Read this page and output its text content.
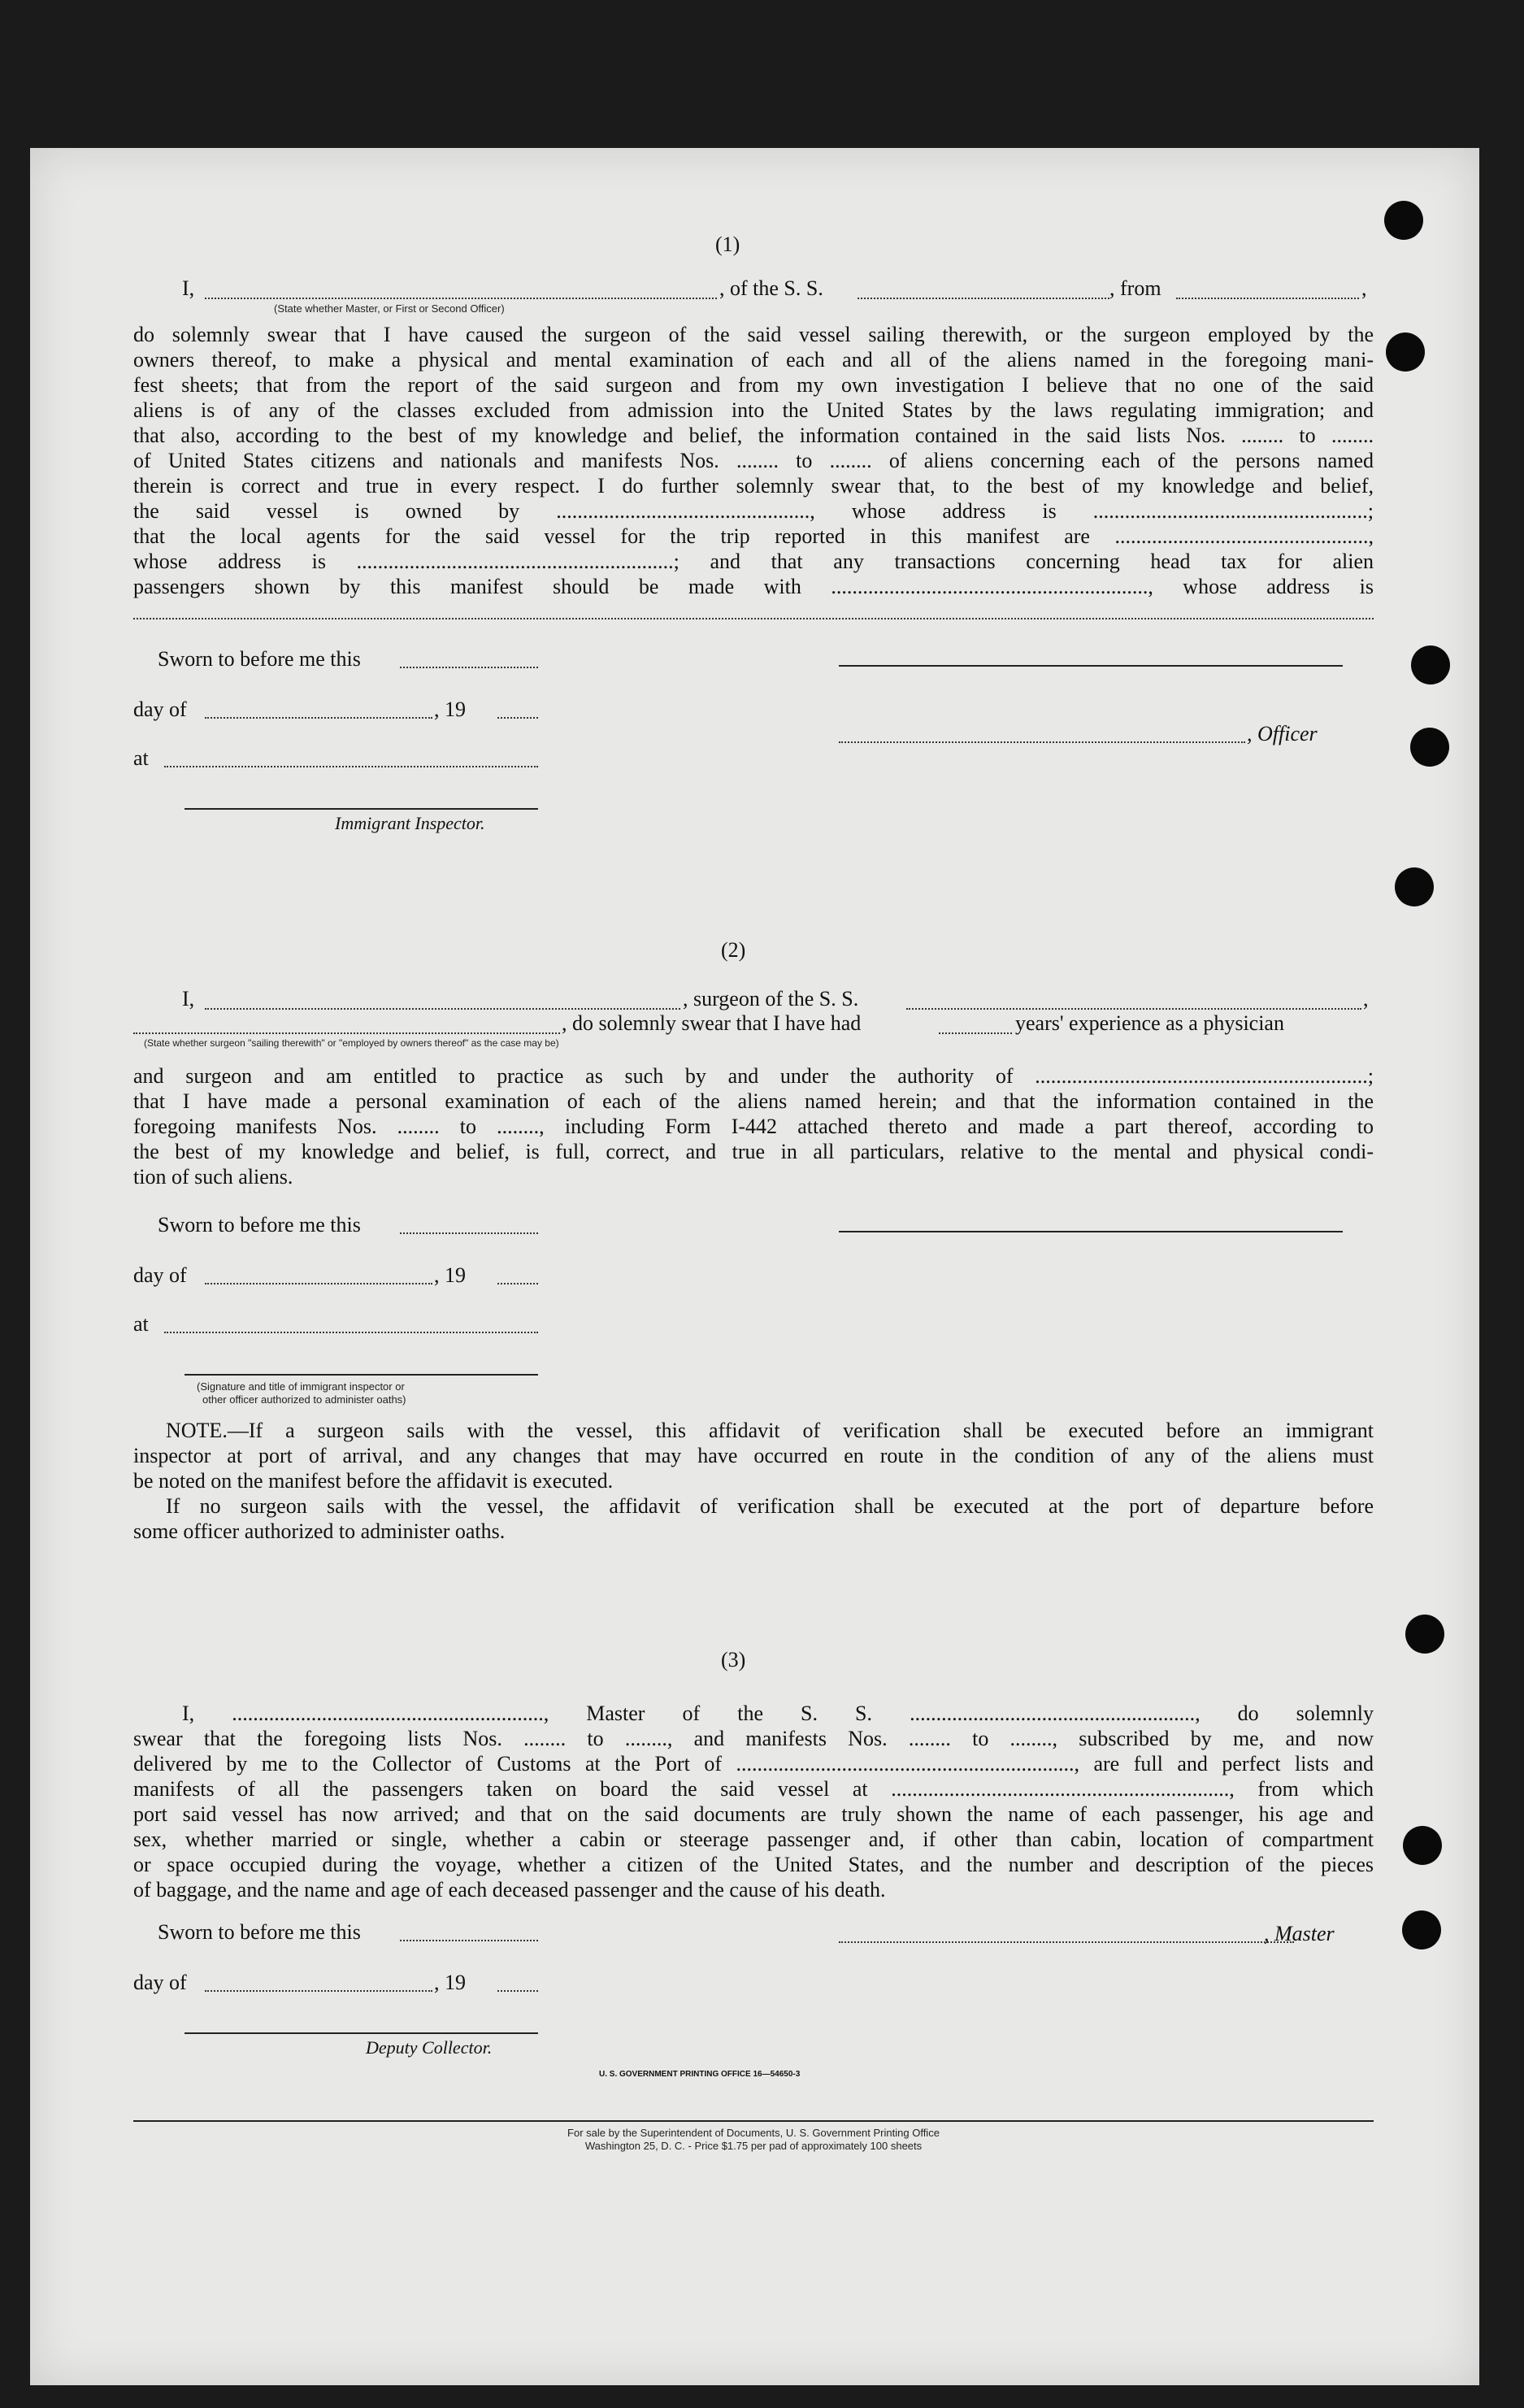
(1)
I,
(State whether Master, or First or Second Officer)
, of the S. S.	, from	,
do solemnly swear that I have caused the surgeon of the said vessel sailing therewith, or the surgeon employed by the
owners thereof, to make a physical and mental examination of each and all of the aliens named in the foregoing mani-
fest sheets; that from the report of the said surgeon and from my own investigation I believe that no one of the said
aliens is of any of the classes excluded from admission into the United States by the laws regulating immigration; and
that also, according to the best of my knowledge and belief, the information contained in the said lists Nos. ........ to ........
of United States citizens and nationals and manifests Nos. ........ to ........ of aliens concerning each of the persons named
therein is correct and true in every respect. I do further solemnly swear that, to the best of my knowledge and belief,
the said vessel is owned by ................................................, whose address is ....................................................;
that the local agents for the said vessel for the trip reported in this manifest are ................................................,
whose address is ............................................................; and that any transactions concerning head tax for alien
passengers shown by this manifest should be made with ............................................................, whose address is
Sworn to before me this
day of	, 19
, Officer
at
Immigrant Inspector.
(2)
I,	, surgeon of the S. S.	,
, do solemnly swear that I have had	years' experience as a physician
(State whether surgeon "sailing therewith" or "employed by owners thereof" as the case may be)
and surgeon and am entitled to practice as such by and under the authority of ...............................................................;
that I have made a personal examination of each of the aliens named herein; and that the information contained in the
foregoing manifests Nos. ........ to ........, including Form I-442 attached thereto and made a part thereof, according to
the best of my knowledge and belief, is full, correct, and true in all particulars, relative to the mental and physical condi-
tion of such aliens.
Sworn to before me this
day of	, 19
at
(Signature and title of immigrant inspector or
other officer authorized to administer oaths)
NOTE.—If a surgeon sails with the vessel, this affidavit of verification shall be executed before an immigrant
inspector at port of arrival, and any changes that may have occurred en route in the condition of any of the aliens must
be noted on the manifest before the affidavit is executed.
If no surgeon sails with the vessel, the affidavit of verification shall be executed at the port of departure before
some officer authorized to administer oaths.
(3)
I, ..........................................................., Master of the S. S. ......................................................, do solemnly
swear that the foregoing lists Nos. ........ to ........, and manifests Nos. ........ to ........, subscribed by me, and now
delivered by me to the Collector of Customs at the Port of ................................................................, are full and perfect lists and
manifests of all the passengers taken on board the said vessel at ................................................................, from which
port said vessel has now arrived; and that on the said documents are truly shown the name of each passenger, his age and
sex, whether married or single, whether a cabin or steerage passenger and, if other than cabin, location of compartment
or space occupied during the voyage, whether a citizen of the United States, and the number and description of the pieces
of baggage, and the name and age of each deceased passenger and the cause of his death.
Sworn to before me this	, Master
day of	, 19
Deputy Collector.
U. S. GOVERNMENT PRINTING OFFICE 16—54650-3
For sale by the Superintendent of Documents, U. S. Government Printing Office
Washington 25, D. C. - Price $1.75 per pad of approximately 100 sheets
